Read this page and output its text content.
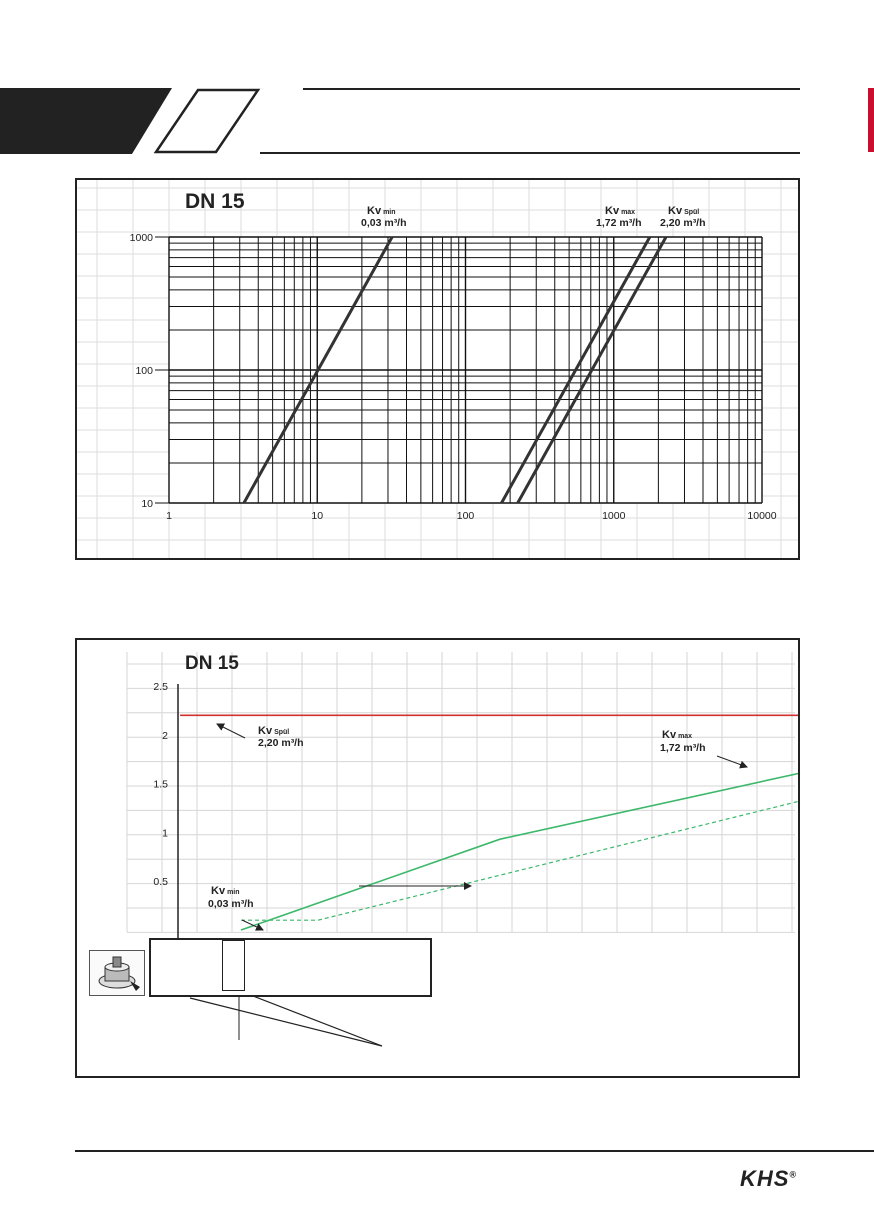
1	10	100	1000	10000
10
100
1000
DN 15	Kv min
0,03 m³/h
Kv max
1,72 m³/h
Kv Spül
2,20 m³/h
0.5
1
1.5
2
2.5
DN 15
Kv Spül
2,20 m³/h
Kv max
1,72 m³/h
Kv min
0,03 m³/h
KHS®
